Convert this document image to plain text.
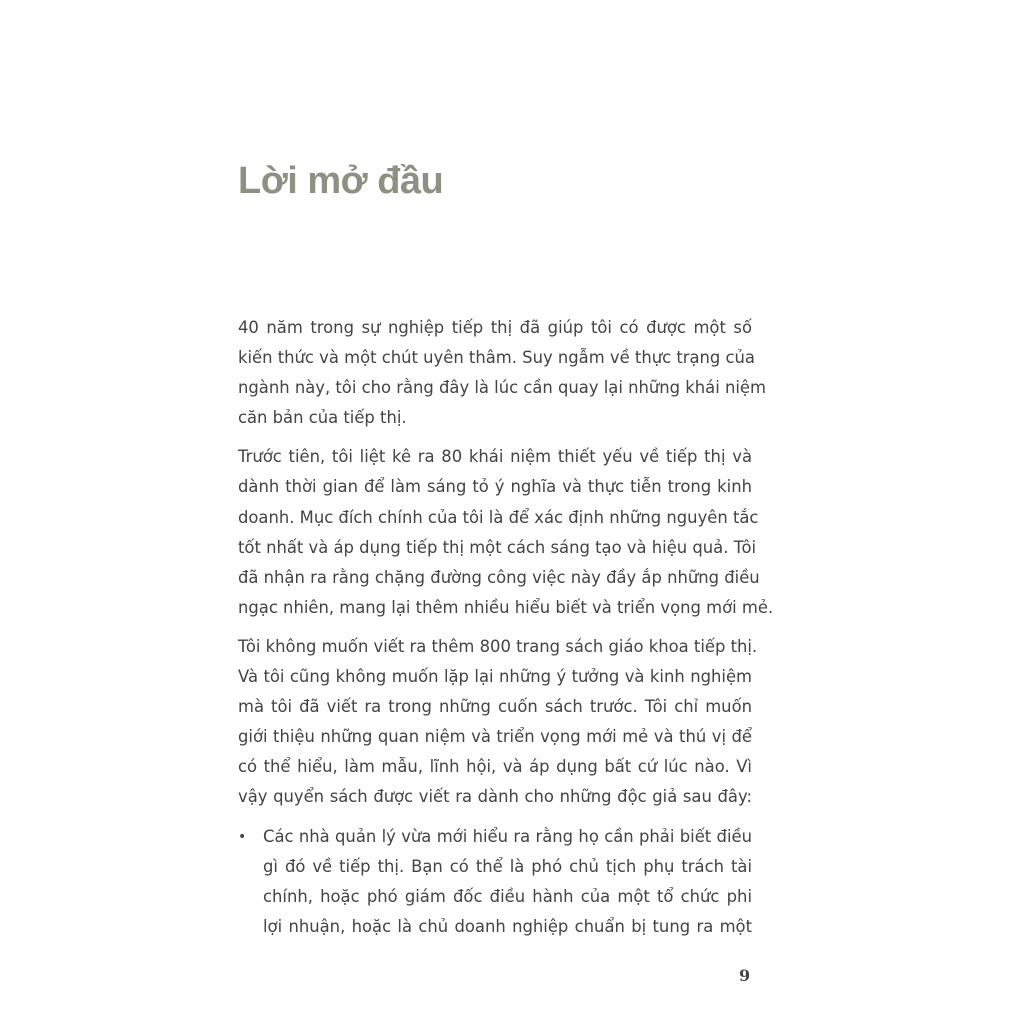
Lời mở đầu
40 năm trong sự nghiệp tiếp thị đã giúp tôi có được một số
kiến thức và một chút uyên thâm. Suy ngẫm về thực trạng của
ngành này, tôi cho rằng đây là lúc cần quay lại những khái niệm
căn bản của tiếp thị.
Trước tiên, tôi liệt kê ra 80 khái niệm thiết yếu về tiếp thị và
dành thời gian để làm sáng tỏ ý nghĩa và thực tiễn trong kinh
doanh. Mục đích chính của tôi là để xác định những nguyên tắc
tốt nhất và áp dụng tiếp thị một cách sáng tạo và hiệu quả. Tôi
đã nhận ra rằng chặng đường công việc này đầy ắp những điều
ngạc nhiên, mang lại thêm nhiều hiểu biết và triển vọng mới mẻ.
Tôi không muốn viết ra thêm 800 trang sách giáo khoa tiếp thị.
Và tôi cũng không muốn lặp lại những ý tưởng và kinh nghiệm
mà tôi đã viết ra trong những cuốn sách trước. Tôi chỉ muốn
giới thiệu những quan niệm và triển vọng mới mẻ và thú vị để
có thể hiểu, làm mẫu, lĩnh hội, và áp dụng bất cứ lúc nào. Vì
vậy quyển sách được viết ra dành cho những độc giả sau đây:
• Các nhà quản lý vừa mới hiểu ra rằng họ cần phải biết điều
gì đó về tiếp thị. Bạn có thể là phó chủ tịch phụ trách tài
chính, hoặc phó giám đốc điều hành của một tổ chức phi
lợi nhuận, hoặc là chủ doanh nghiệp chuẩn bị tung ra một
9
